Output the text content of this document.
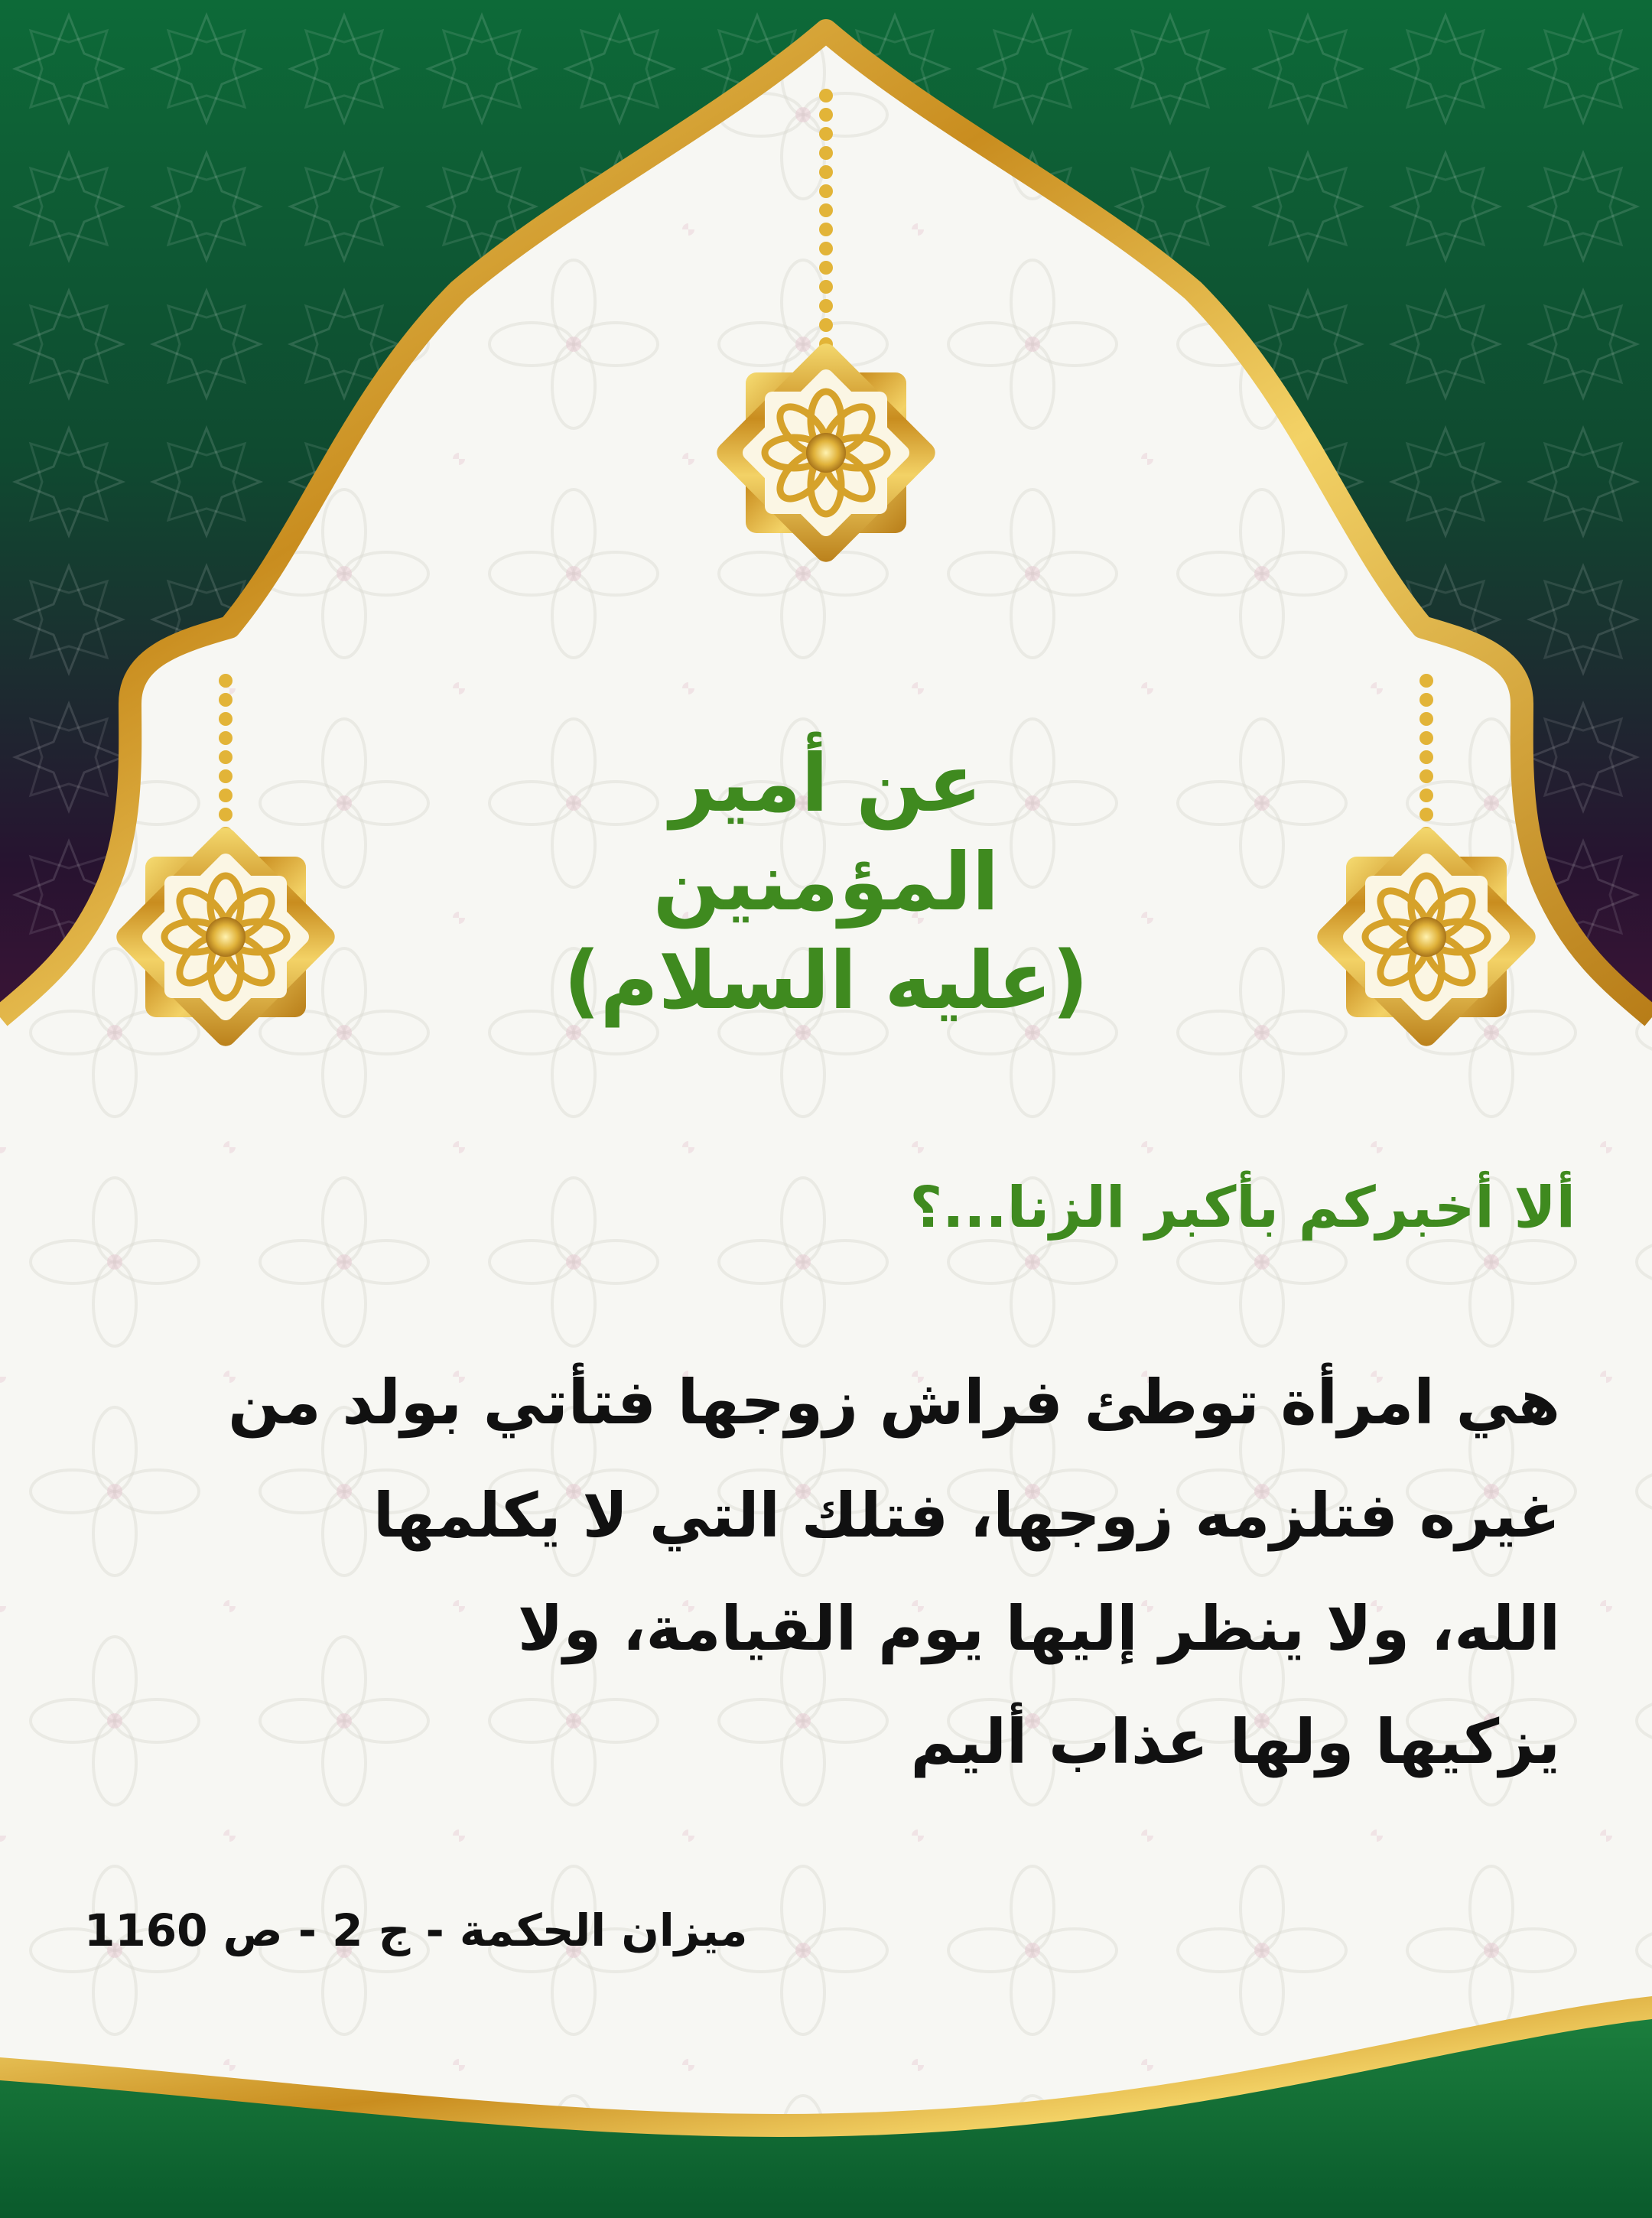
عن أمير
المؤمنين
(عليه السلام)
ألا أخبركم بأكبر الزنا...؟
هي امرأة توطئ فراش زوجها فتأتي بولد من
غيره فتلزمه زوجها، فتلك التي لا يكلمها
الله، ولا ينظر إليها يوم القيامة، ولا
يزكيها ولها عذاب أليم
ميزان الحكمة - ج 2 - ص 1160
